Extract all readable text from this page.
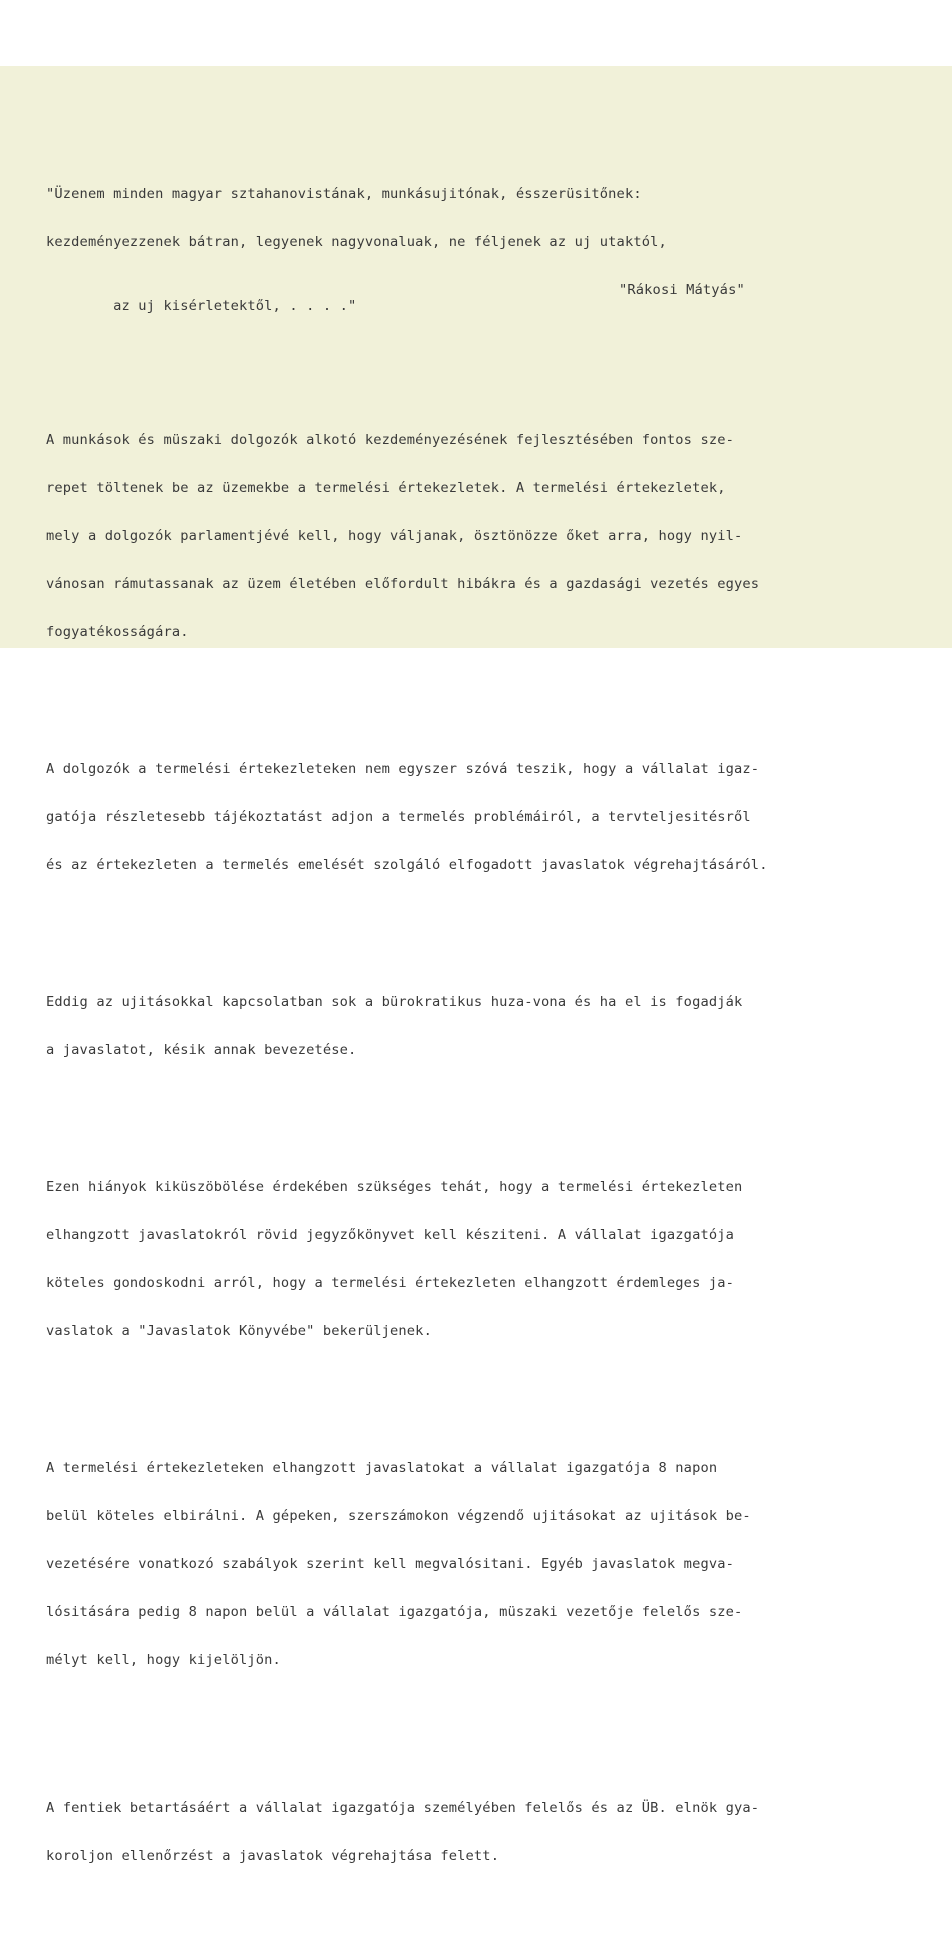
"Üzenem minden magyar sztahanovistának, munkásujitónak, ésszerüsitőnek:

kezdeményezzenek bátran, legyenek nagyvonaluak, ne féljenek az uj utaktól,

az uj kisérletektől, . . . ."

"Rákosi Mátyás"

A munkások és müszaki dolgozók alkotó kezdeményezésének fejlesztésében fontos sze-

repet töltenek be az üzemekbe a termelési értekezletek. A termelési értekezletek,

mely a dolgozók parlamentjévé kell, hogy váljanak, ösztönözze őket arra, hogy nyil-

vánosan rámutassanak az üzem életében előfordult hibákra és a gazdasági vezetés egyes

fogyatékosságára.

A dolgozók a termelési értekezleteken nem egyszer szóvá teszik, hogy a vállalat igaz-

gatója részletesebb tájékoztatást adjon a termelés problémáiról, a tervteljesitésről

és az értekezleten a termelés emelését szolgáló elfogadott javaslatok végrehajtásáról.

Eddig az ujitásokkal kapcsolatban sok a bürokratikus huza-vona és ha el is fogadják

a javaslatot, késik annak bevezetése.

Ezen hiányok kiküszöbölése érdekében szükséges tehát, hogy a termelési értekezleten

elhangzott javaslatokról rövid jegyzőkönyvet kell késziteni. A vállalat igazgatója

köteles gondoskodni arról, hogy a termelési értekezleten elhangzott érdemleges ja-

vaslatok a "Javaslatok Könyvébe" bekerüljenek.

A termelési értekezleteken elhangzott javaslatokat a vállalat igazgatója 8 napon

belül köteles elbirálni. A gépeken, szerszámokon végzendő ujitásokat az ujitások be-

vezetésére vonatkozó szabályok szerint kell megvalósitani. Egyéb javaslatok megva-

lósitására pedig 8 napon belül a vállalat igazgatója, müszaki vezetője felelős sze-

mélyt kell, hogy kijelöljön.

A fentiek betartásáért a vállalat igazgatója személyében felelős és az ÜB. elnök gya-

koroljon ellenőrzést a javaslatok végrehajtása felett.
